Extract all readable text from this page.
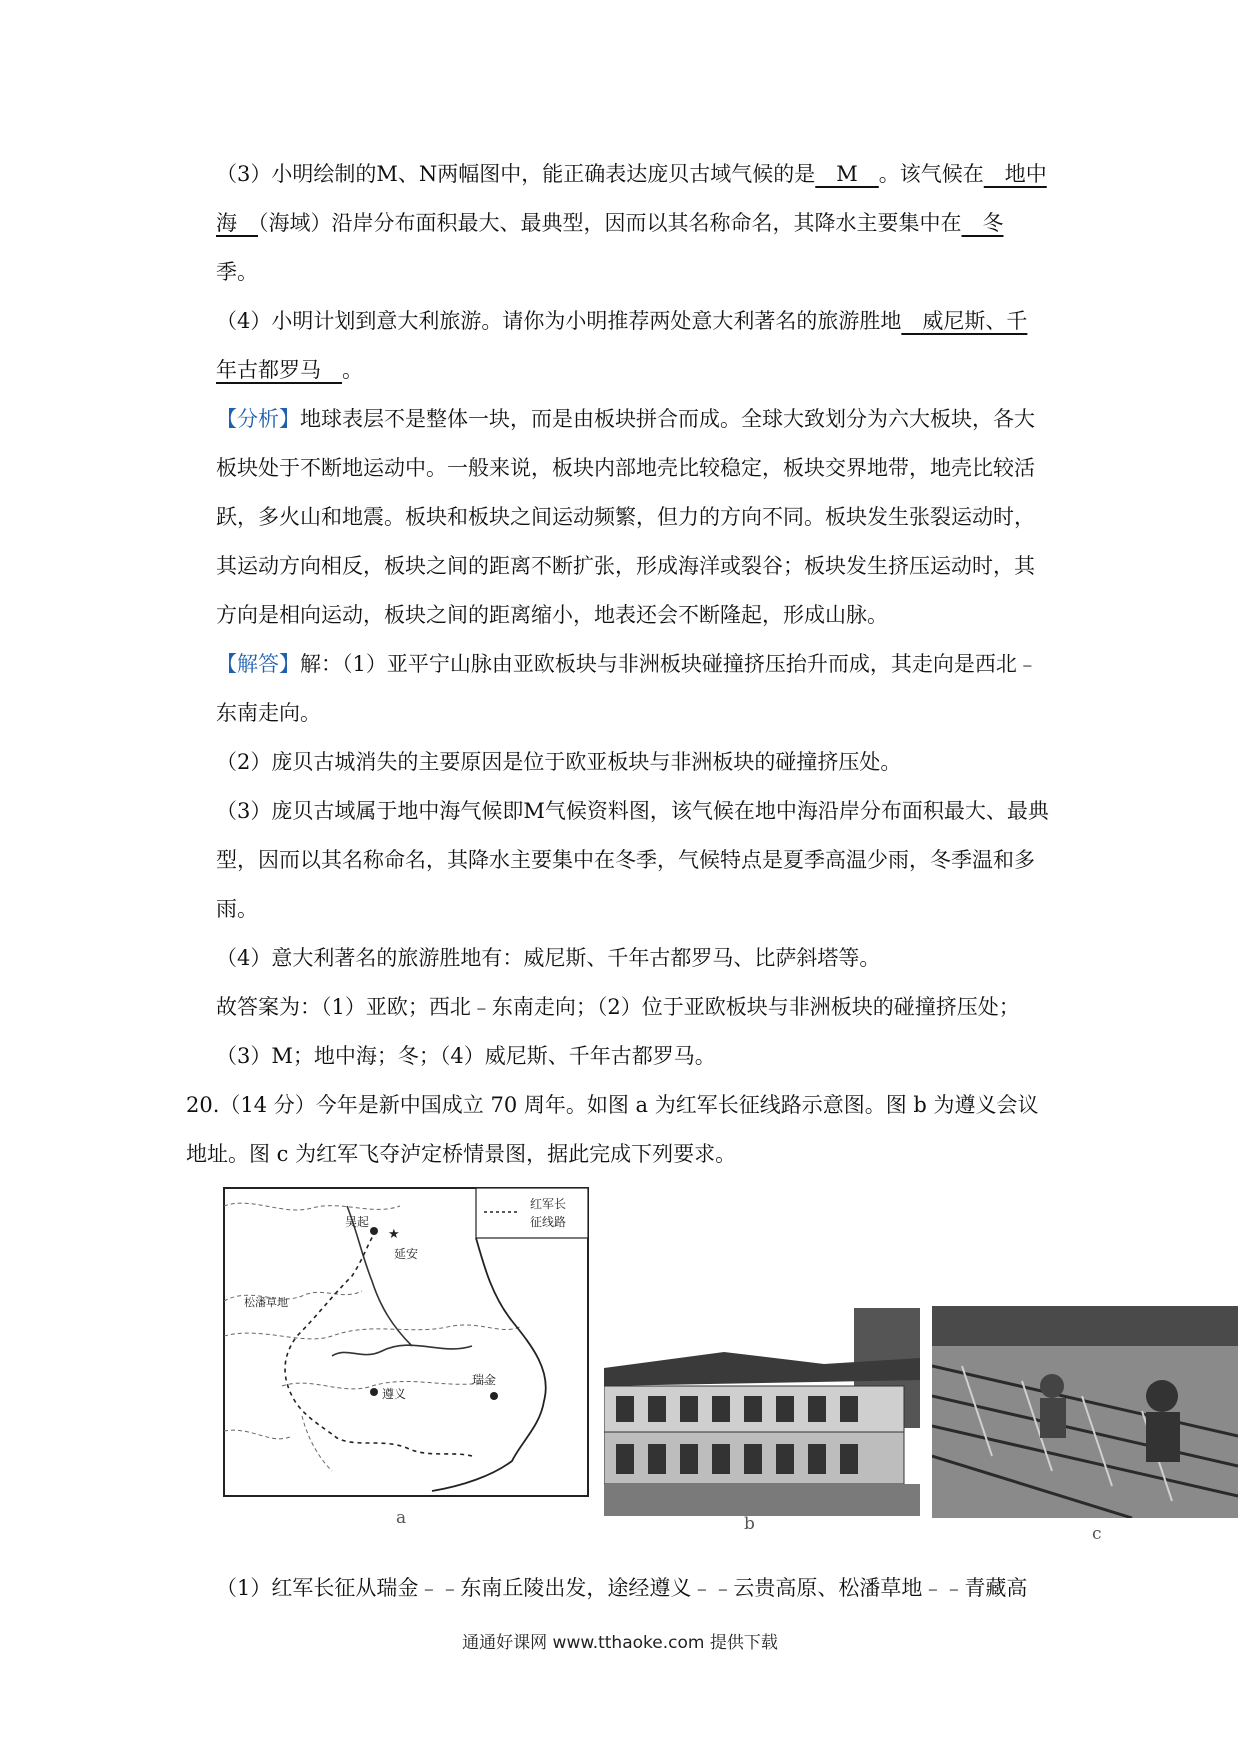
（3）小明绘制的M、N两幅图中，能正确表达庞贝古域气候的是　M　。该气候在　地中
海　（海域）沿岸分布面积最大、最典型，因而以其名称命名，其降水主要集中在　冬
季。
（4）小明计划到意大利旅游。请你为小明推荐两处意大利著名的旅游胜地　威尼斯、千
年古都罗马　。
【分析】地球表层不是整体一块，而是由板块拼合而成。全球大致划分为六大板块，各大板块处于不断地运动中。一般来说，板块内部地壳比较稳定，板块交界地带，地壳比较活跃，多火山和地震。板块和板块之间运动频繁，但力的方向不同。板块发生张裂运动时，其运动方向相反，板块之间的距离不断扩张，形成海洋或裂谷；板块发生挤压运动时，其方向是相向运动，板块之间的距离缩小，地表还会不断隆起，形成山脉。
【解答】解：（1）亚平宁山脉由亚欧板块与非洲板块碰撞挤压抬升而成，其走向是西北﹣东南走向。
（2）庞贝古城消失的主要原因是位于欧亚板块与非洲板块的碰撞挤压处。
（3）庞贝古域属于地中海气候即M气候资料图，该气候在地中海沿岸分布面积最大、最典型，因而以其名称命名，其降水主要集中在冬季，气候特点是夏季高温少雨，冬季温和多雨。
（4）意大利著名的旅游胜地有：威尼斯、千年古都罗马、比萨斜塔等。
故答案为：（1）亚欧；西北﹣东南走向；（2）位于亚欧板块与非洲板块的碰撞挤压处；（3）M；地中海；冬；（4）威尼斯、千年古都罗马。
20.（14 分）今年是新中国成立 70 周年。如图 a 为红军长征线路示意图。图 b 为遵义会议地址。图 c 为红军飞夺泸定桥情景图，据此完成下列要求。
红军长
征线路
吴起
★
延安
松潘草地
遵义
瑞金
a	b	c
（1）红军长征从瑞金﹣﹣东南丘陵出发，途经遵义﹣﹣云贵高原、松潘草地﹣﹣青藏高
通通好课网 www.tthaoke.com 提供下载
